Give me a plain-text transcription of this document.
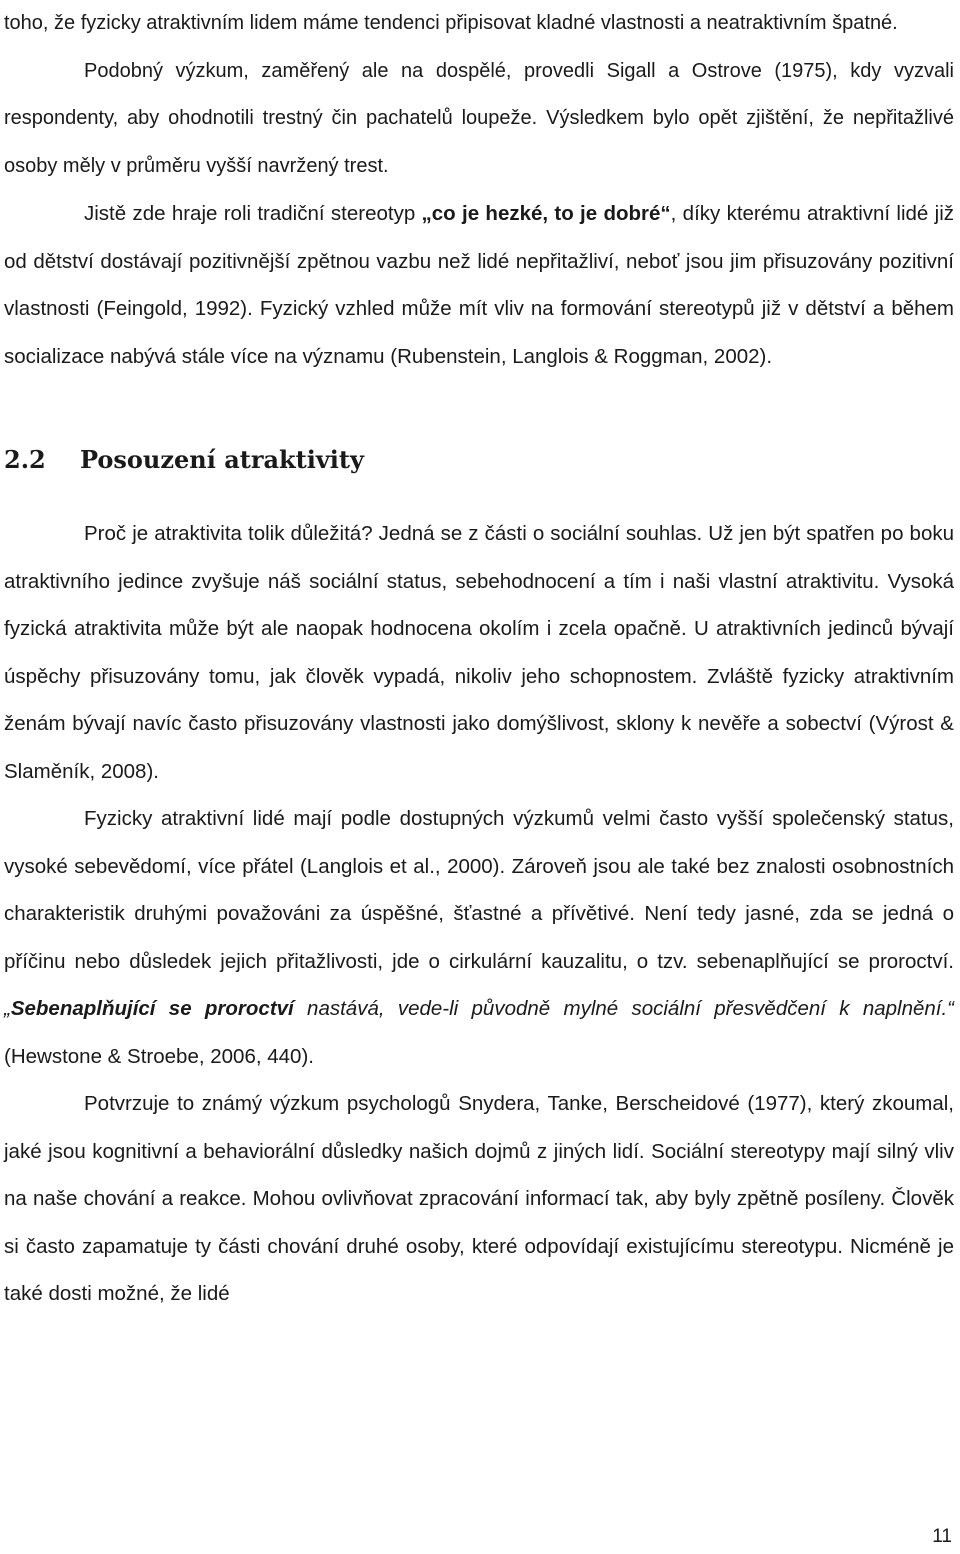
toho, že fyzicky atraktivním lidem máme tendenci připisovat kladné vlastnosti a neatraktivním špatné.

Podobný výzkum, zaměřený ale na dospělé, provedli Sigall a Ostrove (1975), kdy vyzvali respondenty, aby ohodnotili trestný čin pachatelů loupeže. Výsledkem bylo opět zjištění, že nepřitažlivé osoby měly v průměru vyšší navržený trest.

Jistě zde hraje roli tradiční stereotyp „co je hezké, to je dobré“, díky kterému atraktivní lidé již od dětství dostávají pozitivnější zpětnou vazbu než lidé nepřitažliví, neboť jsou jim přisuzovány pozitivní vlastnosti (Feingold, 1992). Fyzický vzhled může mít vliv na formování stereotypů již v dětství a během socializace nabývá stále více na významu (Rubenstein, Langlois & Roggman, 2002).

2.2	Posouzení atraktivity

Proč je atraktivita tolik důležitá? Jedná se z části o sociální souhlas. Už jen být spatřen po boku atraktivního jedince zvyšuje náš sociální status, sebehodnocení a tím i naši vlastní atraktivitu. Vysoká fyzická atraktivita může být ale naopak hodnocena okolím i zcela opačně. U atraktivních jedinců bývají úspěchy přisuzovány tomu, jak člověk vypadá, nikoliv jeho schopnostem. Zvláště fyzicky atraktivním ženám bývají navíc často přisuzovány vlastnosti jako domýšlivost, sklony k nevěře a sobectví (Výrost & Slaměník, 2008).

Fyzicky atraktivní lidé mají podle dostupných výzkumů velmi často vyšší společenský status, vysoké sebevědomí, více přátel (Langlois et al., 2000). Zároveň jsou ale také bez znalosti osobnostních charakteristik druhými považováni za úspěšné, šťastné a přívětivé. Není tedy jasné, zda se jedná o příčinu nebo důsledek jejich přitažlivosti, jde o cirkulární kauzalitu, o tzv. sebenaplňující se proroctví. „Sebenaplňující se proroctví nastává, vede-li původně mylné sociální přesvědčení k naplnění.“ (Hewstone & Stroebe, 2006, 440).

Potvrzuje to známý výzkum psychologů Snydera, Tanke, Berscheidové (1977), který zkoumal, jaké jsou kognitivní a behaviorální důsledky našich dojmů z jiných lidí. Sociální stereotypy mají silný vliv na naše chování a reakce. Mohou ovlivňovat zpracování informací tak, aby byly zpětně posíleny. Člověk si často zapamatuje ty části chování druhé osoby, které odpovídají existujícímu stereotypu. Nicméně je také dosti možné, že lidé

11
